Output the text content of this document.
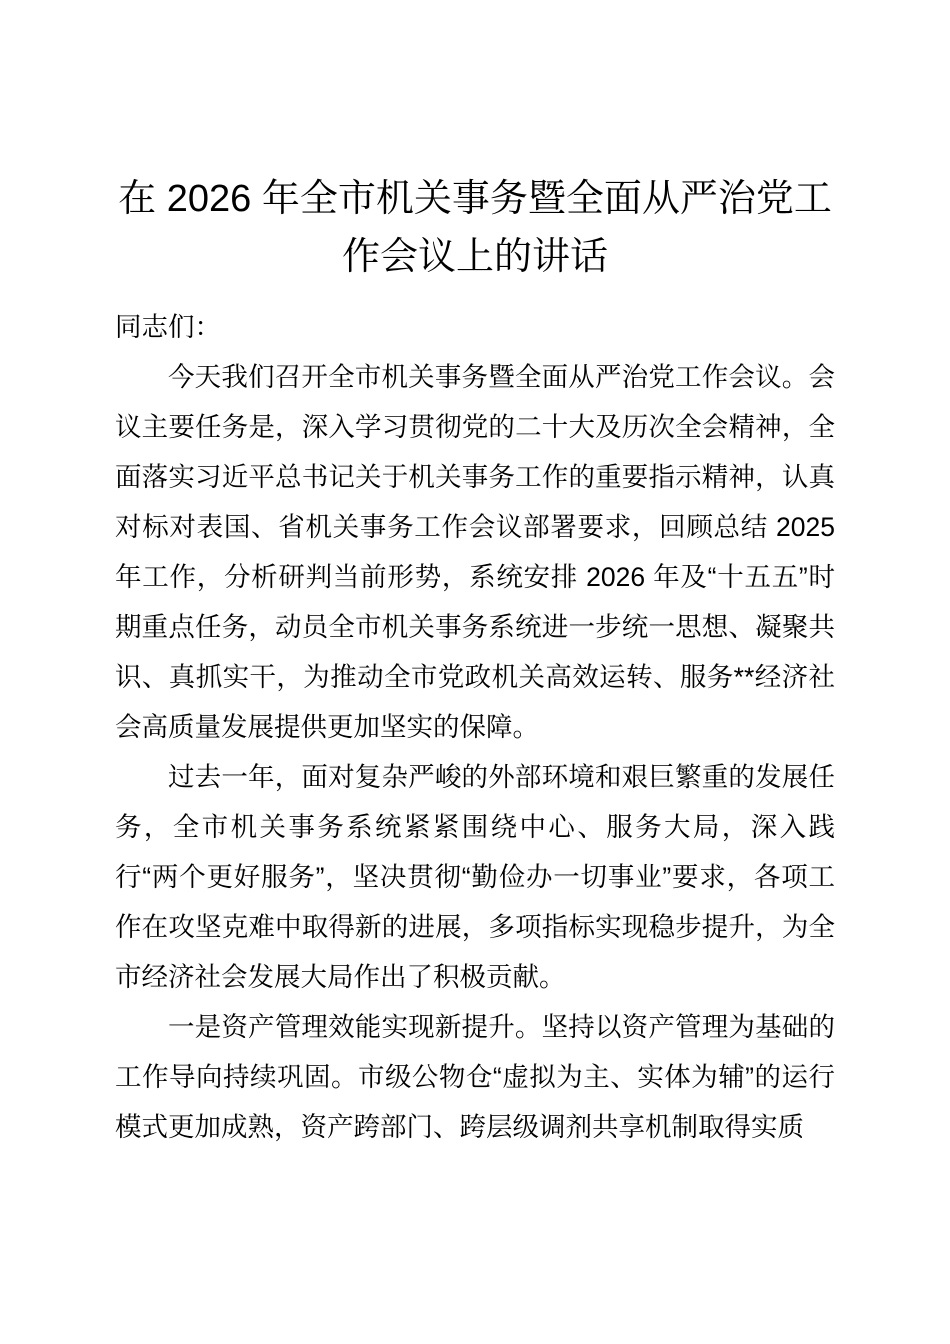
在 2026 年全市机关事务暨全面从严治党工作会议上的讲话

同志们：

今天我们召开全市机关事务暨全面从严治党工作会议。会议主要任务是，深入学习贯彻党的二十大及历次全会精神，全面落实习近平总书记关于机关事务工作的重要指示精神，认真对标对表国、省机关事务工作会议部署要求，回顾总结 2025 年工作，分析研判当前形势，系统安排 2026 年及“十五五”时期重点任务，动员全市机关事务系统进一步统一思想、凝聚共识、真抓实干，为推动全市党政机关高效运转、服务**经济社会高质量发展提供更加坚实的保障。

过去一年，面对复杂严峻的外部环境和艰巨繁重的发展任务，全市机关事务系统紧紧围绕中心、服务大局，深入践行“两个更好服务”，坚决贯彻“勤俭办一切事业”要求，各项工作在攻坚克难中取得新的进展，多项指标实现稳步提升，为全市经济社会发展大局作出了积极贡献。

一是资产管理效能实现新提升。坚持以资产管理为基础的工作导向持续巩固。市级公物仓“虚拟为主、实体为辅”的运行模式更加成熟，资产跨部门、跨层级调剂共享机制取得实质
